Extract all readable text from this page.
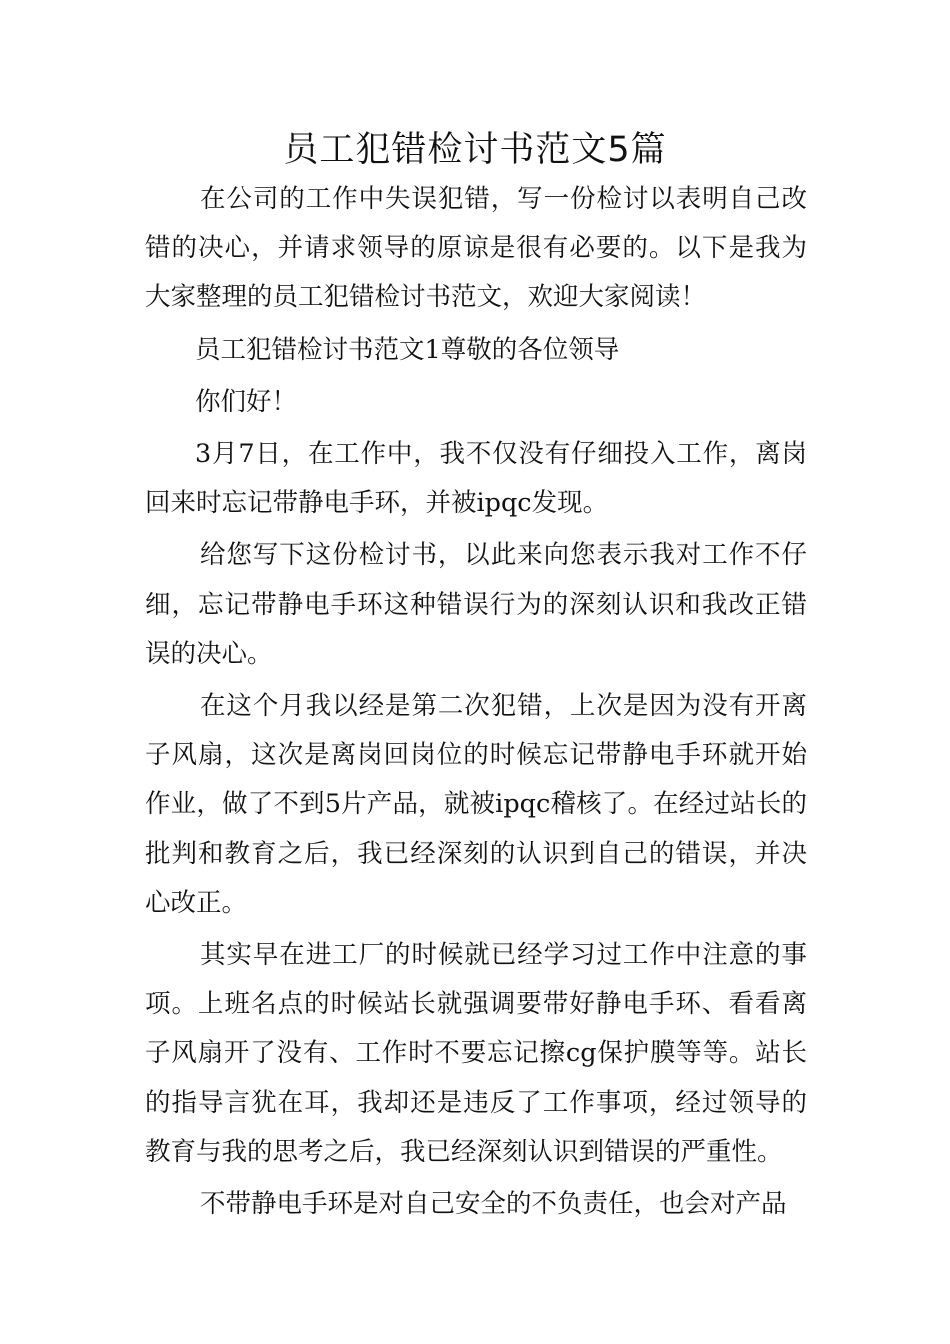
员工犯错检讨书范文5篇

在公司的工作中失误犯错，写一份检讨以表明自己改错的决心，并请求领导的原谅是很有必要的。以下是我为大家整理的员工犯错检讨书范文，欢迎大家阅读！

员工犯错检讨书范文1尊敬的各位领导

你们好！

3月7日，在工作中，我不仅没有仔细投入工作，离岗回来时忘记带静电手环，并被ipqc发现。

给您写下这份检讨书，以此来向您表示我对工作不仔细，忘记带静电手环这种错误行为的深刻认识和我改正错误的决心。

在这个月我以经是第二次犯错，上次是因为没有开离子风扇，这次是离岗回岗位的时候忘记带静电手环就开始作业，做了不到5片产品，就被ipqc稽核了。在经过站长的批判和教育之后，我已经深刻的认识到自己的错误，并决心改正。

其实早在进工厂的时候就已经学习过工作中注意的事项。上班名点的时候站长就强调要带好静电手环、看看离子风扇开了没有、工作时不要忘记擦cg保护膜等等。站长的指导言犹在耳，我却还是违反了工作事项，经过领导的教育与我的思考之后，我已经深刻认识到错误的严重性。

不带静电手环是对自己安全的不负责任，也会对产品
